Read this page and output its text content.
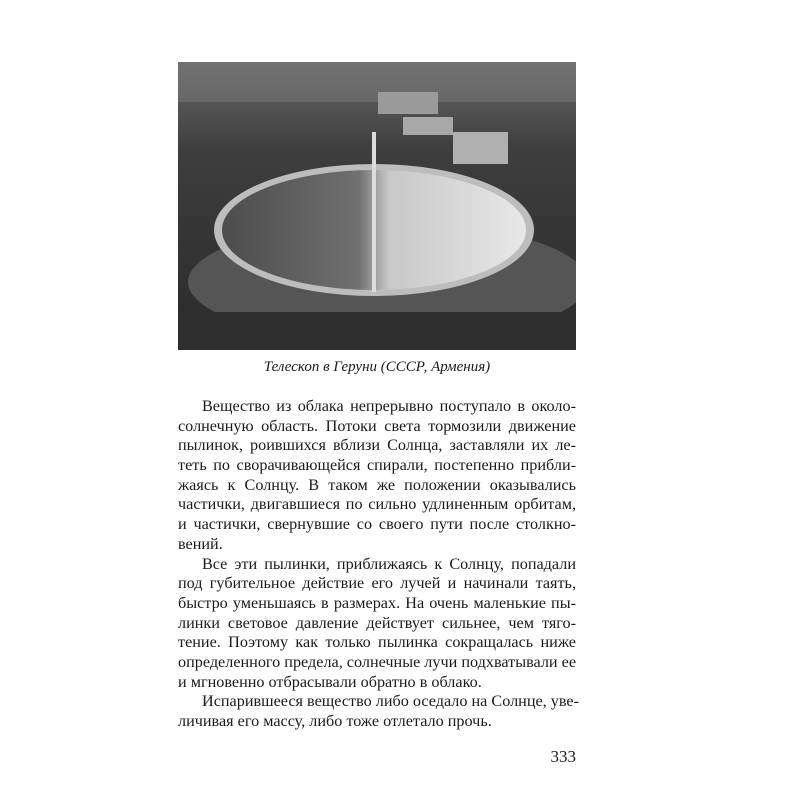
Телескоп в Геруни (СССР, Армения)
Вещество из облака непрерывно поступало в около-
солнечную область. Потоки света тормозили движение
пылинок, роившихся вблизи Солнца, заставляли их ле-
теть по сворачивающейся спирали, постепенно прибли-
жаясь к Солнцу. В таком же положении оказывались
частички, двигавшиеся по сильно удлиненным орбитам,
и частички, свернувшие со своего пути после столкно-
вений.
Все эти пылинки, приближаясь к Солнцу, попадали
под губительное действие его лучей и начинали таять,
быстро уменьшаясь в размерах. На очень маленькие пы-
линки световое давление действует сильнее, чем тяго-
тение. Поэтому как только пылинка сокращалась ниже
определенного предела, солнечные лучи подхватывали ее
и мгновенно отбрасывали обратно в облако.
Испарившееся вещество либо оседало на Солнце, уве-
личивая его массу, либо тоже отлетало прочь.
333
